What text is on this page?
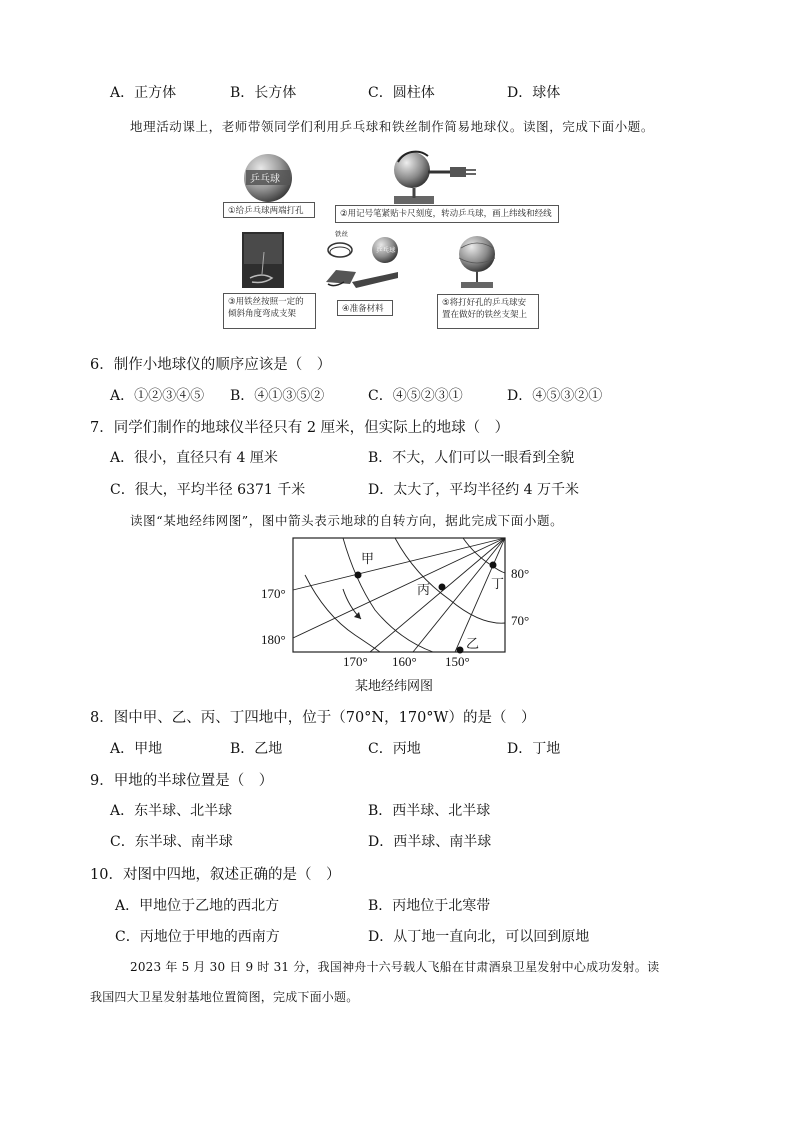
A．正方体	B．长方体	C．圆柱体	D．球体
地理活动课上，老师带领同学们利用乒乓球和铁丝制作简易地球仪。读图，完成下面小题。
乒乓球
①给乒乓球两端打孔	②用记号笔紧贴卡尺刻度，转动乒乓球，画上纬线和经线
③用铁丝按照一定的倾斜角度弯成支架
铁丝
乒乓球
④准备材料
⑤将打好孔的乒乓球安置在做好的铁丝支架上
6．制作小地球仪的顺序应该是（　）
A．①②③④⑤ B．④①③⑤②	C．④⑤②③①	D．④⑤③②①
7．同学们制作的地球仪半径只有 2 厘米，但实际上的地球（　）
A．很小，直径只有 4 厘米	B．不大，人们可以一眼看到全貌
C．很大，平均半径 6371 千米	D．太大了，平均半径约 4 万千米
读图“某地经纬网图”，图中箭头表示地球的自转方向，据此完成下面小题。
甲
乙
丙	丁
170°
180°
80°
70°
170° 160° 150°
某地经纬网图
8．图中甲、乙、丙、丁四地中，位于（70°N，170°W）的是（　）
A．甲地	B．乙地	C．丙地	D．丁地
9．甲地的半球位置是（　）
A．东半球、北半球	B．西半球、北半球
C．东半球、南半球	D．西半球、南半球
10．对图中四地，叙述正确的是（　）
A．甲地位于乙地的西北方	B．丙地位于北寒带
C．丙地位于甲地的西南方	D．从丁地一直向北，可以回到原地
2023 年 5 月 30 日 9 时 31 分，我国神舟十六号载人飞船在甘肃酒泉卫星发射中心成功发射。读
我国四大卫星发射基地位置简图，完成下面小题。
